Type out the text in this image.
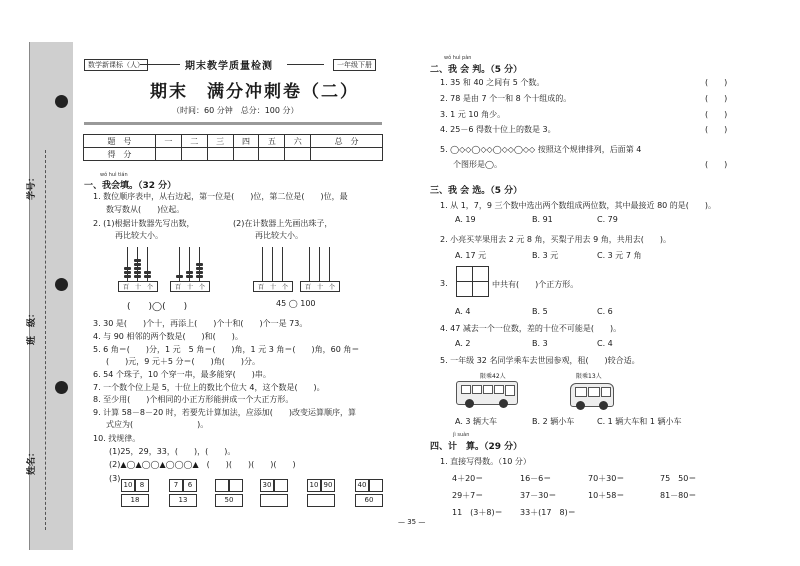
学号：
班　级：
姓名：
数学新课标（人）	期末教学质量检测	一年级下册
期末　满分冲刺卷（二）
（时间：60 分钟　总分：100 分）
题　号	一	二	三	四	五	六	总　分
得　分							
wǒ huì tián
一、我会填。（32 分）
1. 数位顺序表中，从右边起，第一位是(　　)位，第二位是(　　)位，最
数写数从(　　)位起。
2. (1)根据计数器先写出数，
再比较大小。
(2)在计数器上先画出珠子，
再比较大小。
百　 十　 个	百　 十　 个	百　 十　 个	百　 十　 个
(　　)◯(　　)	45 ◯ 100
3. 30 是(　　)个十，再添上(　　)个十和(　　)个一是 73。
4. 与 90 相邻的两个数是(　　)和(　　)。
5. 6 角＝(　　)分，1 元　5 角＝(　　)角，1 元 3 角＝(　　)角，60 角＝
(　　)元，9 元＋5 分＝(　　)角(　　)分。
6. 54 个珠子，10 个穿一串，最多能穿(　　)串。
7. 一个数个位上是 5，十位上的数比个位大 4，这个数是(　　)。
8. 至少用(　　)个相同的小正方形能拼成一个大正方形。
9. 计算 58－8－20 时，若要先计算加法，应添加(　　)改变运算顺序，算
式应为(　　　　　　　　)。
10. 找规律。
(1)25，29，33，(　　)，(　　)。
(2)▲◯▲◯◯▲◯◯◯▲　(　　)(　　)(　　)(　　)
(3)
10	8
18
7	6
13	50
30	10 90	40
60
wǒ huì pàn
二、我 会 判。（5 分）
1. 35 和 40 之间有 5 个数。
2. 78 是由 7 个一和 8 个十组成的。
3. 1 元 10 角少。
4. 25－6 得数十位上的数是 3。
5. ◯◇◇◯◇◇◯◇◇◯◇◇ 按照这个规律排列，后面第 4
个图形是◯。
(　　)
(　　)
(　　)
(　　)
(　　)
三、我 会 选。（5 分）
1. 从 1，7，9 三个数中选出两个数组成两位数，其中最接近 80 的是(　　)。
A. 19	B. 91	C. 79
2. 小亮买苹果用去 2 元 8 角，买梨子用去 9 角，共用去(　　)。
A. 17 元	B. 3 元	C. 3 元 7 角
3.	中共有(　　)个正方形。
A. 4	B. 5	C. 6
4. 47 减去一个一位数，差的十位不可能是(　　)。
A. 2	B. 3	C. 4
5. 一年级 32 名同学乘车去世园参观，租(　　)较合适。
限乘42人	限乘13人
A. 3 辆大车	B. 2 辆小车	C. 1 辆大车和 1 辆小车
jì suàn
四、计　算。（29 分）
1. 直接写得数。（10 分）
4＋20＝	16－6＝	70＋30＝	75　50＝
29＋7＝	37－30＝	10＋58＝	81－80＝
11　(3＋8)＝ 33＋(17　8)＝
— 35 —
